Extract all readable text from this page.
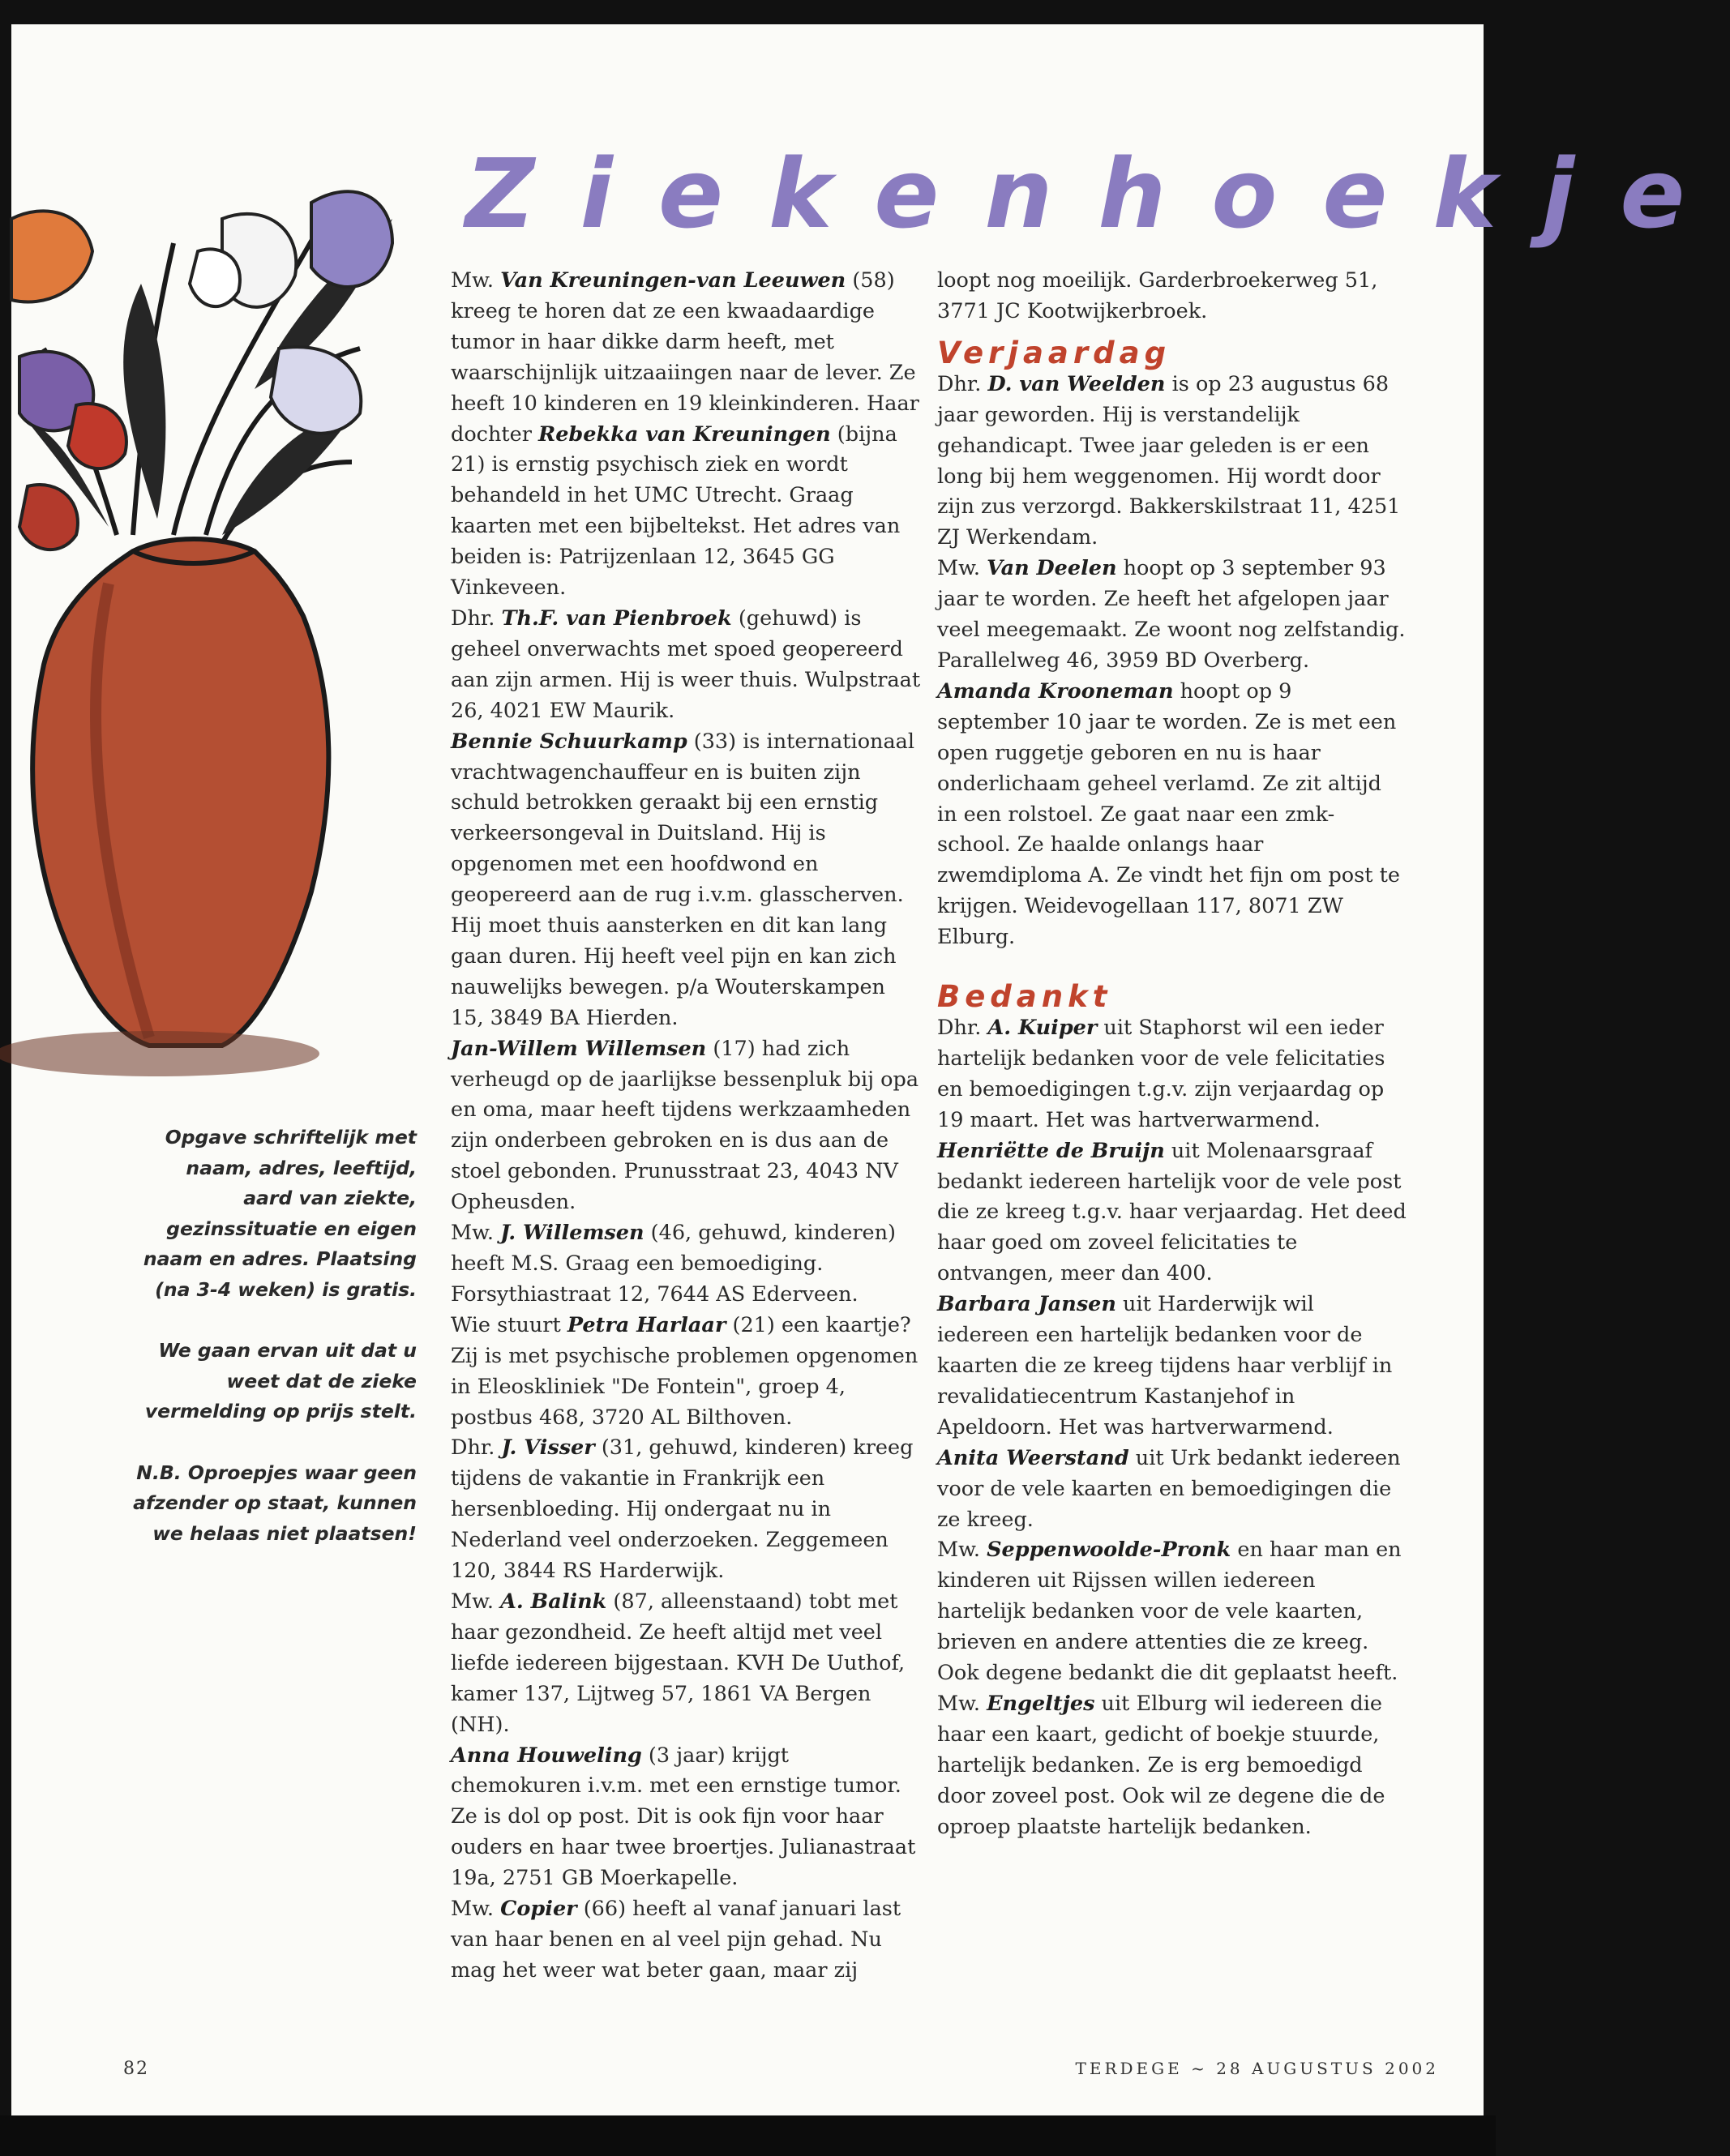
Ziekenhoekje

Mw. Van Kreuningen-van Leeuwen (58) kreeg te horen dat ze een kwaadaardige tumor in haar dikke darm heeft, met waarschijnlijk uitzaaiingen naar de lever. Ze heeft 10 kinderen en 19 kleinkinderen. Haar dochter Rebekka van Kreuningen (bijna 21) is ernstig psychisch ziek en wordt behandeld in het UMC Utrecht. Graag kaarten met een bijbeltekst. Het adres van beiden is: Patrijzenlaan 12, 3645 GG Vinkeveen.

Dhr. Th.F. van Pienbroek (gehuwd) is geheel onverwachts met spoed geopereerd aan zijn armen. Hij is weer thuis. Wulpstraat 26, 4021 EW Maurik.

Bennie Schuurkamp (33) is internationaal vrachtwagenchauffeur en is buiten zijn schuld betrokken geraakt bij een ernstig verkeersongeval in Duitsland. Hij is opgenomen met een hoofdwond en geopereerd aan de rug i.v.m. glasscherven. Hij moet thuis aansterken en dit kan lang gaan duren. Hij heeft veel pijn en kan zich nauwelijks bewegen. p/a Wouterskampen 15, 3849 BA Hierden.

Jan-Willem Willemsen (17) had zich verheugd op de jaarlijkse bessenpluk bij opa en oma, maar heeft tijdens werkzaamheden zijn onderbeen gebroken en is dus aan de stoel gebonden. Prunusstraat 23, 4043 NV Opheusden.

Mw. J. Willemsen (46, gehuwd, kinderen) heeft M.S. Graag een bemoediging. Forsythiastraat 12, 7644 AS Ederveen.

Wie stuurt Petra Harlaar (21) een kaartje? Zij is met psychische problemen opgenomen in Eleoskliniek "De Fontein", groep 4, postbus 468, 3720 AL Bilthoven.

Dhr. J. Visser (31, gehuwd, kinderen) kreeg tijdens de vakantie in Frankrijk een hersenbloeding. Hij ondergaat nu in Nederland veel onderzoeken. Zeggemeen 120, 3844 RS Harderwijk.

Mw. A. Balink (87, alleenstaand) tobt met haar gezondheid. Ze heeft altijd met veel liefde iedereen bijgestaan. KVH De Uuthof, kamer 137, Lijtweg 57, 1861 VA Bergen (NH).

Anna Houweling (3 jaar) krijgt chemokuren i.v.m. met een ernstige tumor. Ze is dol op post. Dit is ook fijn voor haar ouders en haar twee broertjes. Julianastraat 19a, 2751 GB Moerkapelle.

Mw. Copier (66) heeft al vanaf januari last van haar benen en al veel pijn gehad. Nu mag het weer wat beter gaan, maar zij

loopt nog moeilijk. Garderbroekerweg 51, 3771 JC Kootwijkerbroek.

Verjaardag

Dhr. D. van Weelden is op 23 augustus 68 jaar geworden. Hij is verstandelijk gehandicapt. Twee jaar geleden is er een long bij hem weggenomen. Hij wordt door zijn zus verzorgd. Bakkerskilstraat 11, 4251 ZJ Werkendam.

Mw. Van Deelen hoopt op 3 september 93 jaar te worden. Ze heeft het afgelopen jaar veel meegemaakt. Ze woont nog zelfstandig. Parallelweg 46, 3959 BD Overberg.

Amanda Krooneman hoopt op 9 september 10 jaar te worden. Ze is met een open ruggetje geboren en nu is haar onderlichaam geheel verlamd. Ze zit altijd in een rolstoel. Ze gaat naar een zmk-school. Ze haalde onlangs haar zwemdiploma A. Ze vindt het fijn om post te krijgen. Weidevogellaan 117, 8071 ZW Elburg.

Bedankt

Dhr. A. Kuiper uit Staphorst wil een ieder hartelijk bedanken voor de vele felicitaties en bemoedigingen t.g.v. zijn verjaardag op 19 maart. Het was hartverwarmend.

Henriëtte de Bruijn uit Molenaarsgraaf bedankt iedereen hartelijk voor de vele post die ze kreeg t.g.v. haar verjaardag. Het deed haar goed om zoveel felicitaties te ontvangen, meer dan 400.

Barbara Jansen uit Harderwijk wil iedereen een hartelijk bedanken voor de kaarten die ze kreeg tijdens haar verblijf in revalidatiecentrum Kastanjehof in Apeldoorn. Het was hartverwarmend.

Anita Weerstand uit Urk bedankt iedereen voor de vele kaarten en bemoedigingen die ze kreeg.

Mw. Seppenwoolde-Pronk en haar man en kinderen uit Rijssen willen iedereen hartelijk bedanken voor de vele kaarten, brieven en andere attenties die ze kreeg. Ook degene bedankt die dit geplaatst heeft.

Mw. Engeltjes uit Elburg wil iedereen die haar een kaart, gedicht of boekje stuurde, hartelijk bedanken. Ze is erg bemoedigd door zoveel post. Ook wil ze degene die de oproep plaatste hartelijk bedanken.

Opgave schriftelijk met naam, adres, leeftijd, aard van ziekte, gezinssituatie en eigen naam en adres. Plaatsing (na 3-4 weken) is gratis.

We gaan ervan uit dat u weet dat de zieke vermelding op prijs stelt.

N.B. Oproepjes waar geen afzender op staat, kunnen we helaas niet plaatsen!

82	TERDEGE ~ 28 AUGUSTUS 2002
